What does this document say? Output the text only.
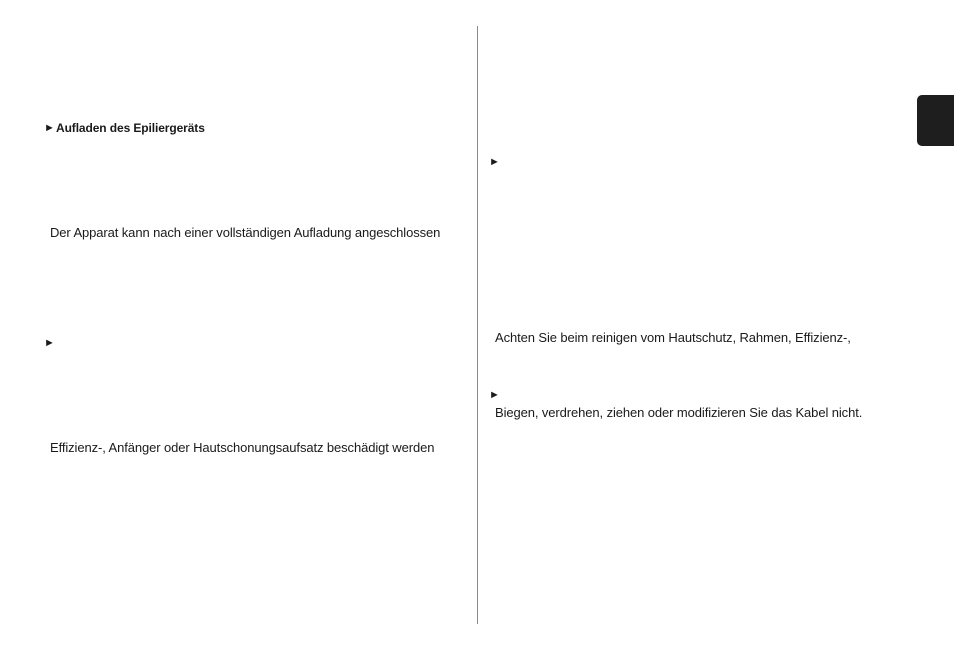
► Aufladen des Epiliergeräts
Der Apparat kann nach einer vollständigen Aufladung angeschlossen
►
Effizienz-, Anfänger oder Hautschonungsaufsatz beschädigt werden
►
Achten Sie beim reinigen vom Hautschutz, Rahmen, Effizienz-,
►
Biegen, verdrehen, ziehen oder modifizieren Sie das Kabel nicht.
